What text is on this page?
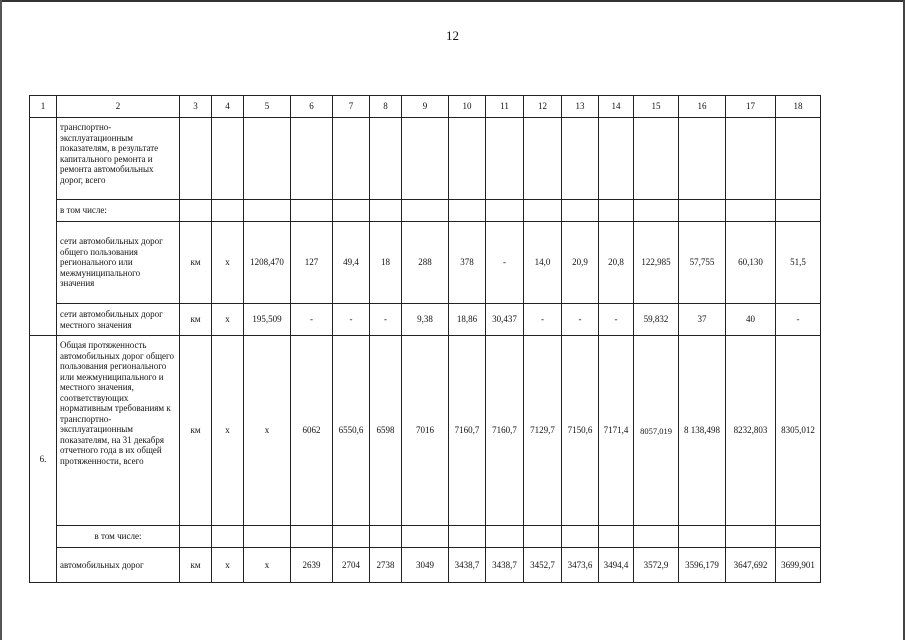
12
1	2	3	4	5	6	7	8	9	10	11	12	13	14	15	16	17	18
	транспортно-эксплуатационным показателям, в результате капитального ремонта и ремонта автомобильных дорог, всего																
	в том числе:																
	сети автомобильных дорог общего пользования регионального или межмуниципального значения	км	x	1208,470	127	49,4	18	288	378	-	14,0	20,9	20,8	122,985	57,755	60,130	51,5
	сети автомобильных дорог местного значения	км	x	195,509	-	-	-	9,38	18,86	30,437	-	-	-	59,832	37	40	-
6.	Общая протяженность автомобильных дорог общего пользования регионального или межмуниципального и местного значения, соответствующих нормативным требованиям к транспортно-эксплуатационным показателям, на 31 декабря отчетного года в их общей протяженности, всего	км	x	x	6062	6550,6	6598	7016	7160,7	7160,7	7129,7	7150,6	7171,4	8057,019	8 138,498	8232,803	8305,012
	в том числе:																
	автомобильных дорог	км	x	x	2639	2704	2738	3049	3438,7	3438,7	3452,7	3473,6	3494,4	3572,9	3596,179	3647,692	3699,901
